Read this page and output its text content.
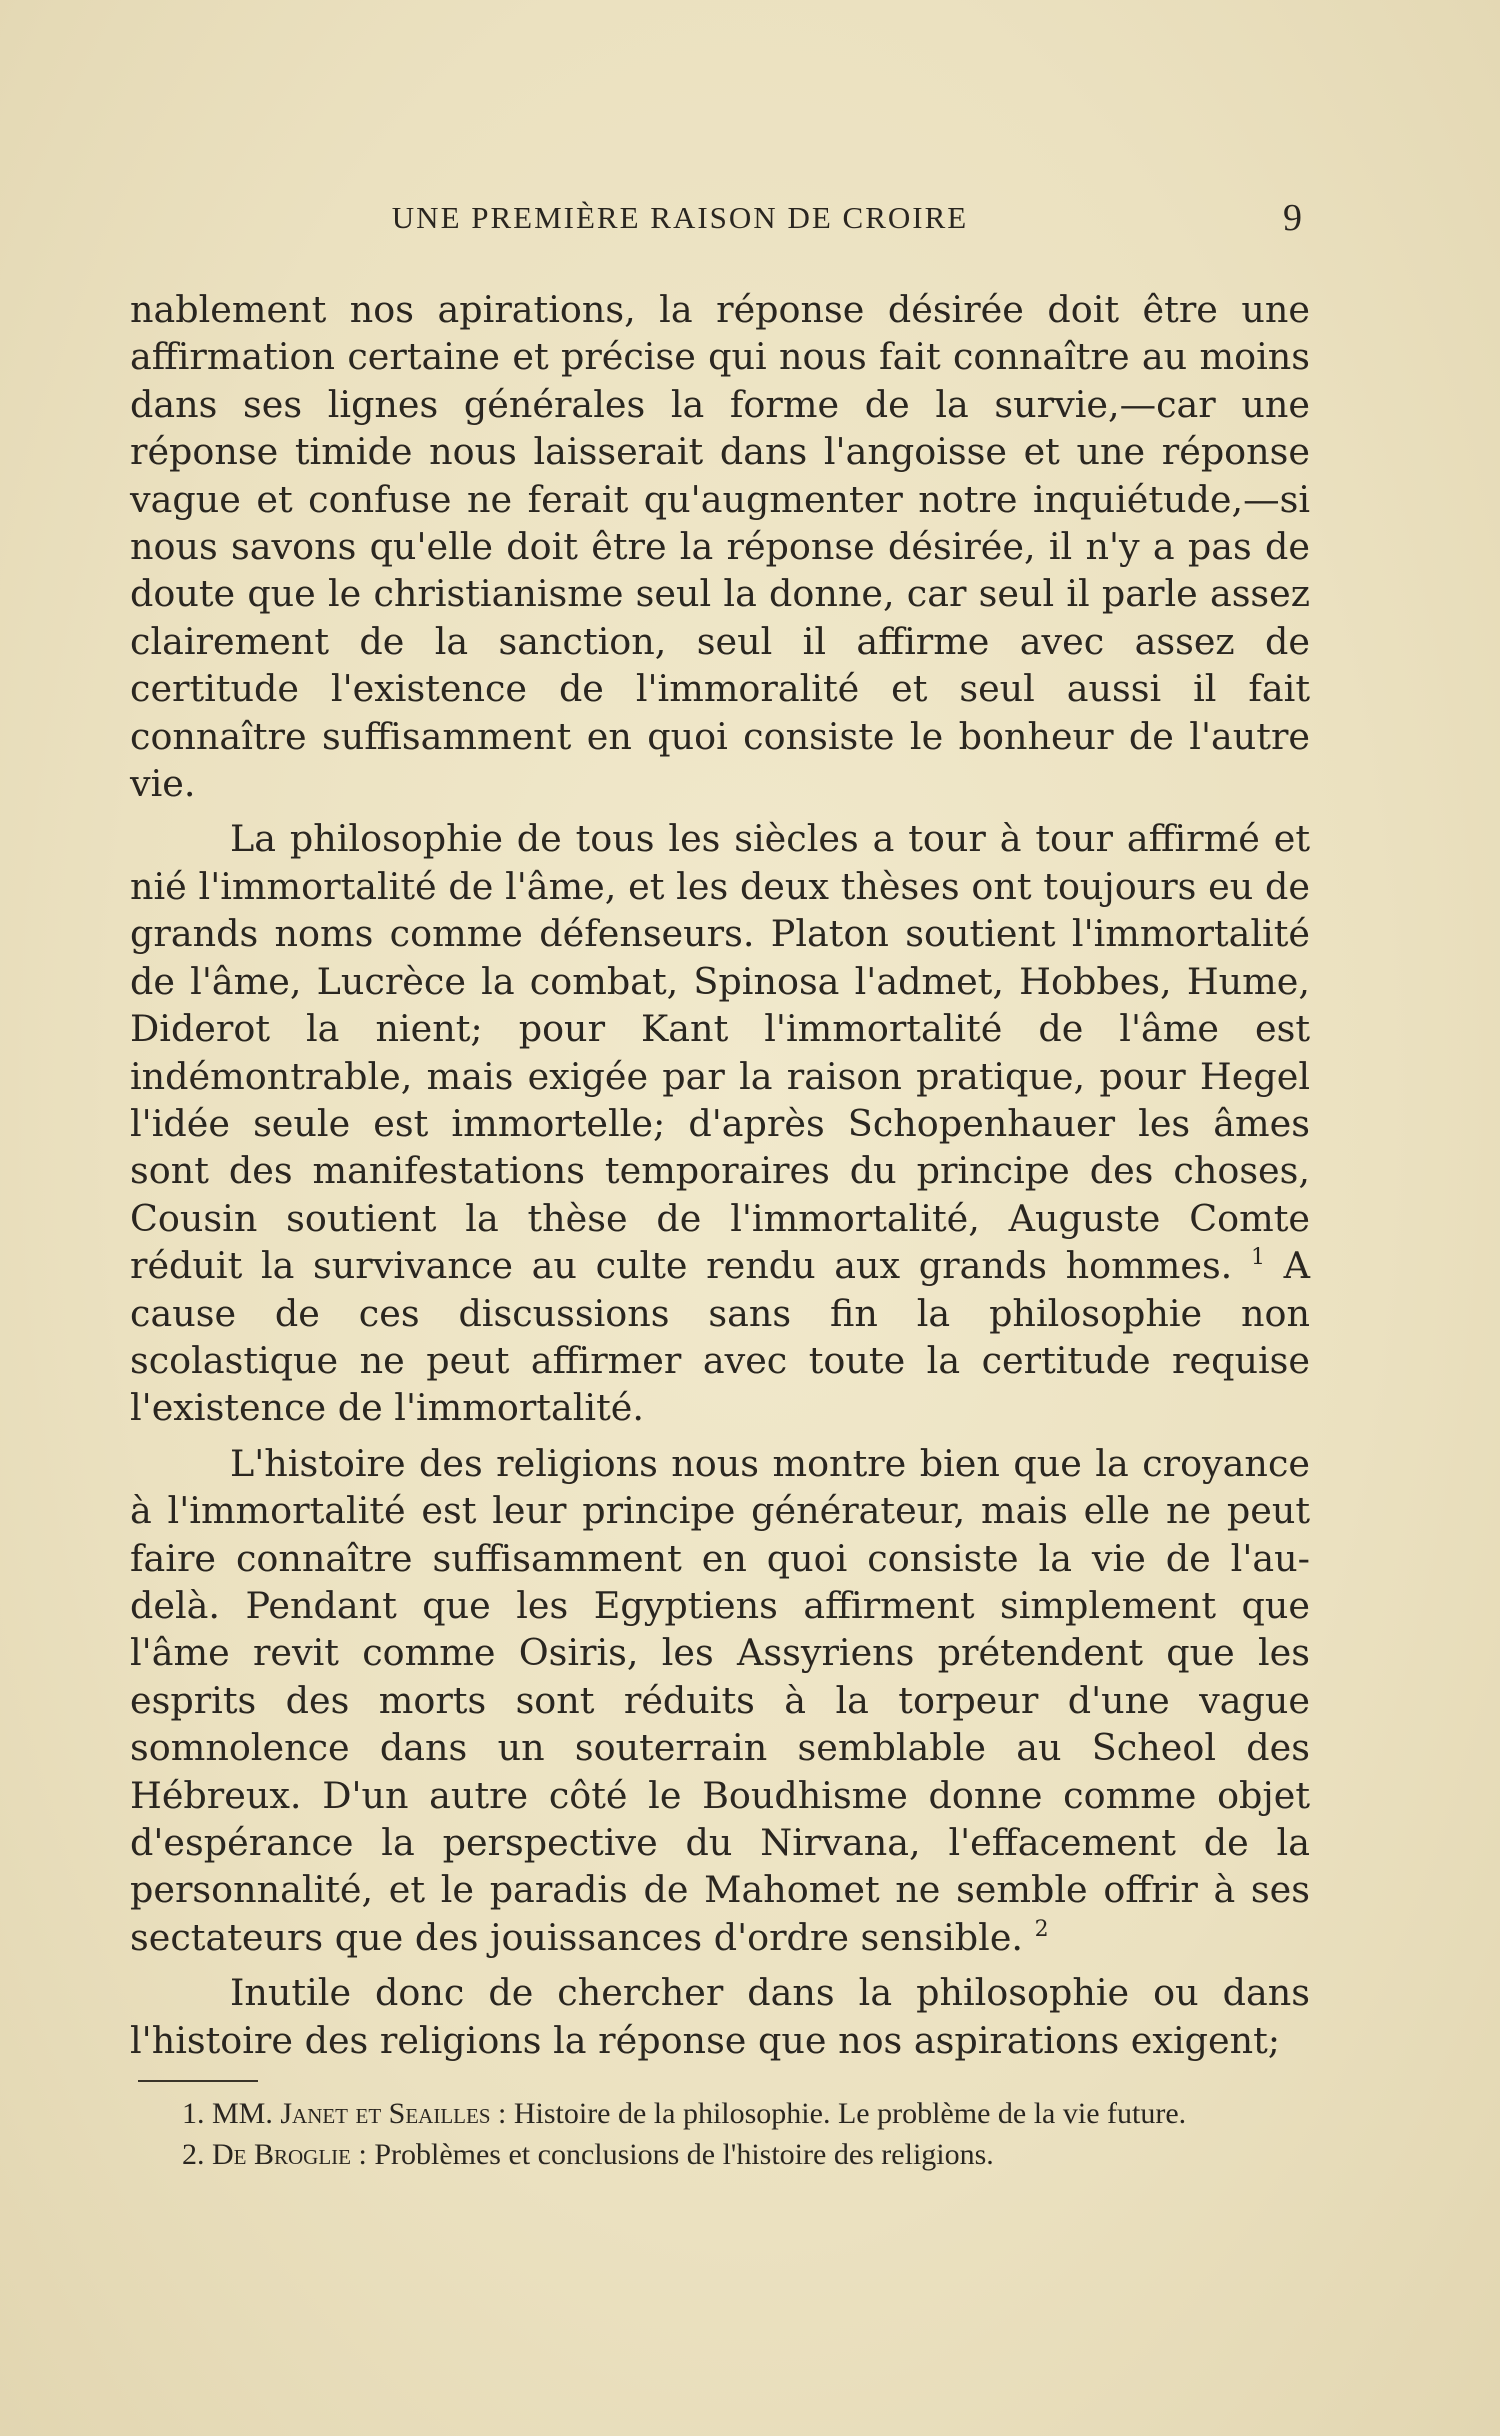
UNE PREMIÈRE RAISON DE CROIRE	9

nablement nos apirations, la réponse désirée doit être une affirmation certaine et précise qui nous fait connaître au moins dans ses lignes générales la forme de la survie,—car une réponse timide nous laisserait dans l'angoisse et une réponse vague et confuse ne ferait qu'augmenter notre inquiétude,—si nous savons qu'elle doit être la réponse désirée, il n'y a pas de doute que le christianisme seul la donne, car seul il parle assez clairement de la sanction, seul il affirme avec assez de certitude l'existence de l'immoralité et seul aussi il fait connaître suffisamment en quoi consiste le bonheur de l'autre vie.

La philosophie de tous les siècles a tour à tour affirmé et nié l'immortalité de l'âme, et les deux thèses ont toujours eu de grands noms comme défenseurs. Platon soutient l'immortalité de l'âme, Lucrèce la combat, Spinosa l'admet, Hobbes, Hume, Diderot la nient; pour Kant l'immortalité de l'âme est indémontrable, mais exigée par la raison pratique, pour Hegel l'idée seule est immortelle; d'après Schopenhauer les âmes sont des manifestations temporaires du principe des choses, Cousin soutient la thèse de l'immortalité, Auguste Comte réduit la survivance au culte rendu aux grands hommes. $^1$ A cause de ces discussions sans fin la philosophie non scolastique ne peut affirmer avec toute la certitude requise l'existence de l'immortalité.

L'histoire des religions nous montre bien que la croyance à l'immortalité est leur principe générateur, mais elle ne peut faire connaître suffisamment en quoi consiste la vie de l'au-delà. Pendant que les Egyptiens affirment simplement que l'âme revit comme Osiris, les Assyriens prétendent que les esprits des morts sont réduits à la torpeur d'une vague somnolence dans un souterrain semblable au Scheol des Hébreux. D'un autre côté le Boudhisme donne comme objet d'espérance la perspective du Nirvana, l'effacement de la personnalité, et le paradis de Mahomet ne semble offrir à ses sectateurs que des jouissances d'ordre sensible. $^2$

Inutile donc de chercher dans la philosophie ou dans l'histoire des religions la réponse que nos aspirations exigent;

1. MM. Janet et Seailles : Histoire de la philosophie. Le problème de la vie future.

2. De Broglie : Problèmes et conclusions de l'histoire des religions.
